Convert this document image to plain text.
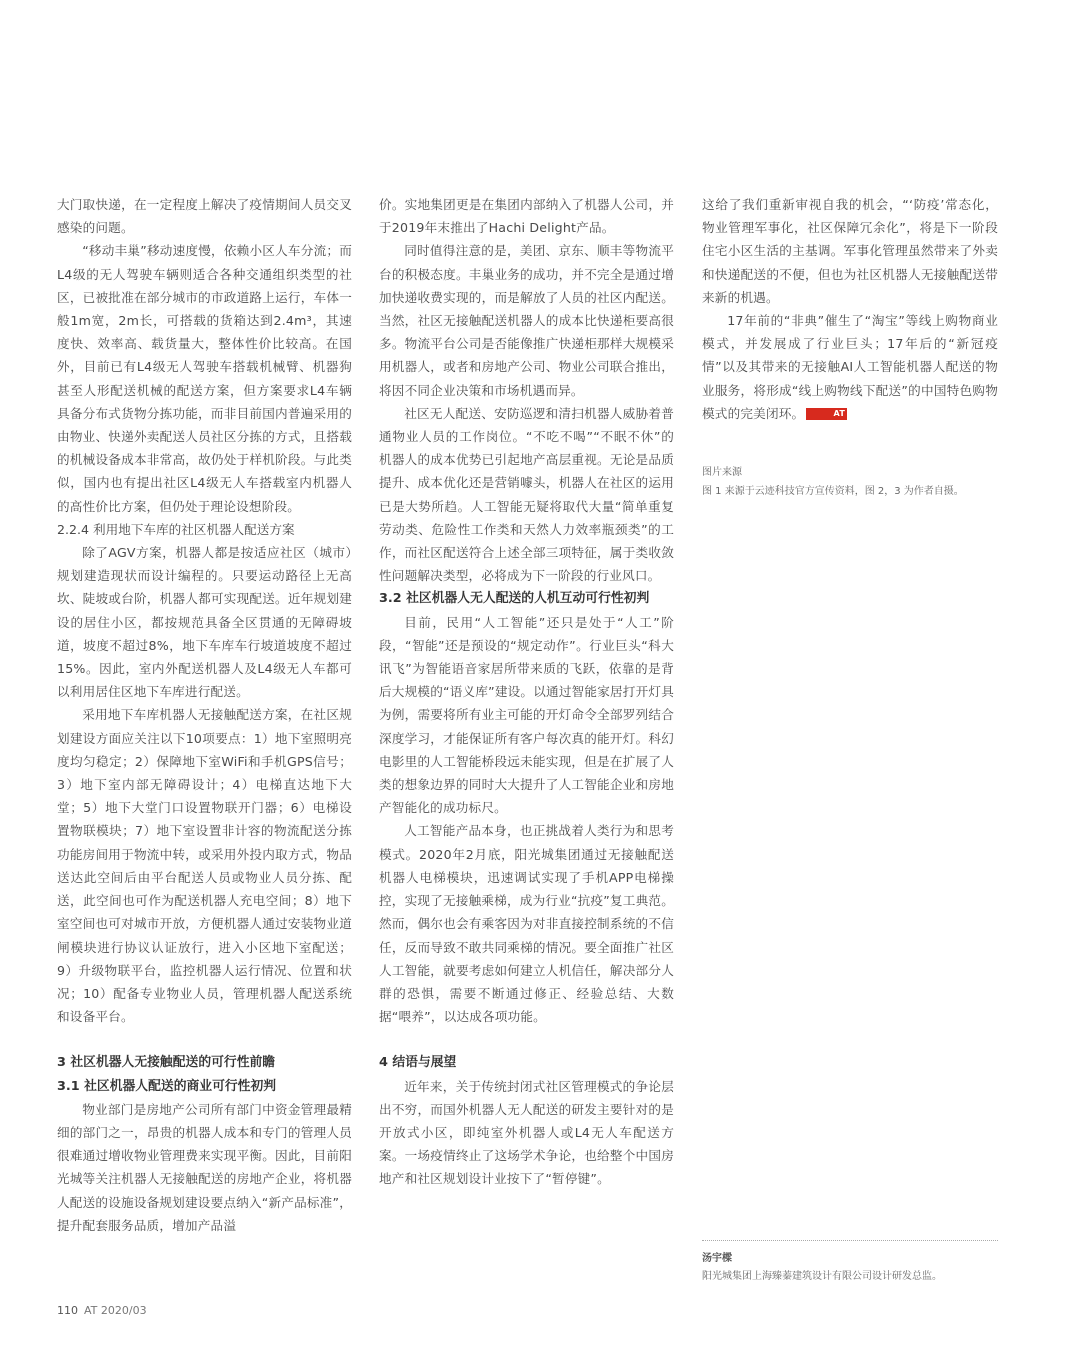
大门取快递，在一定程度上解决了疫情期间人员交叉感染的问题。

“移动丰巢”移动速度慢，依赖小区人车分流；而L4级的无人驾驶车辆则适合各种交通组织类型的社区，已被批准在部分城市的市政道路上运行，车体一般1m宽，2m长，可搭载的货箱达到2.4m³，其速度快、效率高、载货量大，整体性价比较高。在国外，目前已有L4级无人驾驶车搭载机械臂、机器狗甚至人形配送机械的配送方案，但方案要求L4车辆具备分布式货物分拣功能，而非目前国内普遍采用的由物业、快递外卖配送人员社区分拣的方式，且搭载的机械设备成本非常高，故仍处于样机阶段。与此类似，国内也有提出社区L4级无人车搭载室内机器人的高性价比方案，但仍处于理论设想阶段。

2.2.4 利用地下车库的社区机器人配送方案

除了AGV方案，机器人都是按适应社区（城市）规划建造现状而设计编程的。只要运动路径上无高坎、陡坡或台阶，机器人都可实现配送。近年规划建设的居住小区，都按规范具备全区贯通的无障碍坡道，坡度不超过8%，地下车库车行坡道坡度不超过15%。因此，室内外配送机器人及L4级无人车都可以利用居住区地下车库进行配送。

采用地下车库机器人无接触配送方案，在社区规划建设方面应关注以下10项要点：1）地下室照明亮度均匀稳定；2）保障地下室WiFi和手机GPS信号；3）地下室内部无障碍设计；4）电梯直达地下大堂；5）地下大堂门口设置物联开门器；6）电梯设置物联模块；7）地下室设置非计容的物流配送分拣功能房间用于物流中转，或采用外投内取方式，物品送达此空间后由平台配送人员或物业人员分拣、配送，此空间也可作为配送机器人充电空间；8）地下室空间也可对城市开放，方便机器人通过安装物业道闸模块进行协议认证放行，进入小区地下室配送；9）升级物联平台，监控机器人运行情况、位置和状况；10）配备专业物业人员，管理机器人配送系统和设备平台。

3 社区机器人无接触配送的可行性前瞻
3.1 社区机器人配送的商业可行性初判

物业部门是房地产公司所有部门中资金管理最精细的部门之一，昂贵的机器人成本和专门的管理人员很难通过增收物业管理费来实现平衡。因此，目前阳光城等关注机器人无接触配送的房地产企业，将机器人配送的设施设备规划建设要点纳入“新产品标准”，提升配套服务品质，增加产品溢

价。实地集团更是在集团内部纳入了机器人公司，并于2019年末推出了Hachi Delight产品。

同时值得注意的是，美团、京东、顺丰等物流平台的积极态度。丰巢业务的成功，并不完全是通过增加快递收费实现的，而是解放了人员的社区内配送。当然，社区无接触配送机器人的成本比快递柜要高很多。物流平台公司是否能像推广快递柜那样大规模采用机器人，或者和房地产公司、物业公司联合推出，将因不同企业决策和市场机遇而异。

社区无人配送、安防巡逻和清扫机器人威胁着普通物业人员的工作岗位。“不吃不喝”“不眠不休”的机器人的成本优势已引起地产高层重视。无论是品质提升、成本优化还是营销噱头，机器人在社区的运用已是大势所趋。人工智能无疑将取代大量“简单重复劳动类、危险性工作类和天然人力效率瓶颈类”的工作，而社区配送符合上述全部三项特征，属于类收敛性问题解决类型，必将成为下一阶段的行业风口。

3.2 社区机器人无人配送的人机互动可行性初判

目前，民用“人工智能”还只是处于“人工”阶段，“智能”还是预设的“规定动作”。行业巨头“科大讯飞”为智能语音家居所带来质的飞跃，依靠的是背后大规模的“语义库”建设。以通过智能家居打开灯具为例，需要将所有业主可能的开灯命令全部罗列结合深度学习，才能保证所有客户每次真的能开灯。科幻电影里的人工智能桥段远未能实现，但是在扩展了人类的想象边界的同时大大提升了人工智能企业和房地产智能化的成功标尺。

人工智能产品本身，也正挑战着人类行为和思考模式。2020年2月底，阳光城集团通过无接触配送机器人电梯模块，迅速调试实现了手机APP电梯操控，实现了无接触乘梯，成为行业“抗疫”复工典范。然而，偶尔也会有乘客因为对非直接控制系统的不信任，反而导致不敢共同乘梯的情况。要全面推广社区人工智能，就要考虑如何建立人机信任，解决部分人群的恐惧，需要不断通过修正、经验总结、大数据“喂养”，以达成各项功能。

4 结语与展望

近年来，关于传统封闭式社区管理模式的争论层出不穷，而国外机器人无人配送的研发主要针对的是开放式小区，即纯室外机器人或L4无人车配送方案。一场疫情终止了这场学术争论，也给整个中国房地产和社区规划设计业按下了“暂停键”。

这给了我们重新审视自我的机会，“‘防疫’常态化，物业管理军事化，社区保障冗余化”，将是下一阶段住宅小区生活的主基调。军事化管理虽然带来了外卖和快递配送的不便，但也为社区机器人无接触配送带来新的机遇。

17年前的“非典”催生了“淘宝”等线上购物商业模式，并发展成了行业巨头；17年后的“新冠疫情”以及其带来的无接触AI人工智能机器人配送的物业服务，将形成“线上购物线下配送”的中国特色购物模式的完美闭环。	AT

图片来源
图 1 来源于云迹科技官方宣传资料，图 2，3 为作者自摄。
汤宇樑
阳光城集团上海臻蓁建筑设计有限公司设计研发总监。
110 AT 2020/03
